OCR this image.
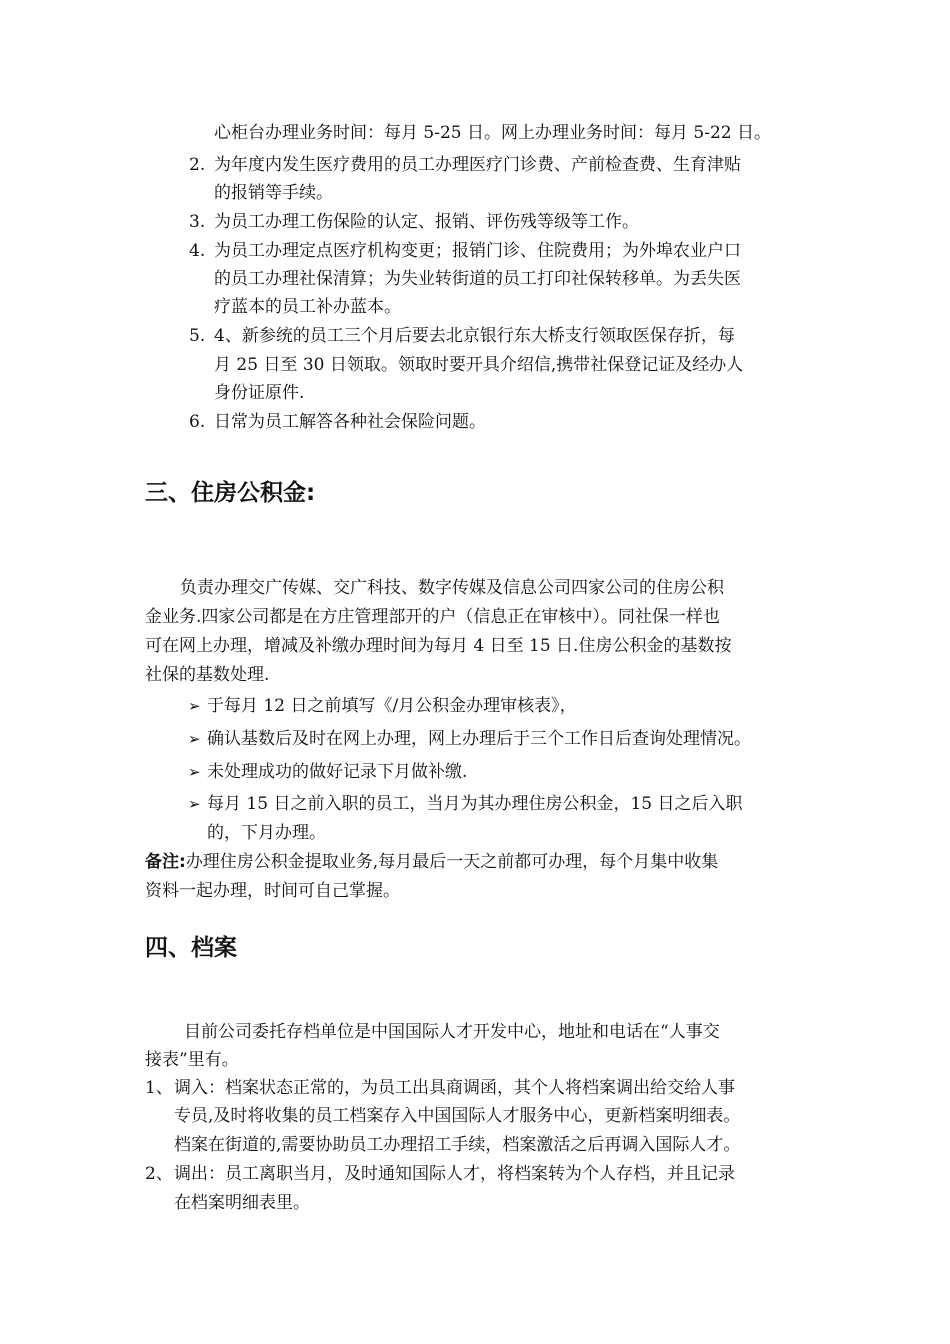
心柜台办理业务时间：每月 5-25 日。网上办理业务时间：每月 5-22 日。
2. 为年度内发生医疗费用的员工办理医疗门诊费、产前检查费、生育津贴
的报销等手续。
3. 为员工办理工伤保险的认定、报销、评伤残等级等工作。
4. 为员工办理定点医疗机构变更；报销门诊、住院费用；为外埠农业户口
的员工办理社保清算；为失业转街道的员工打印社保转移单。为丢失医
疗蓝本的员工补办蓝本。
5. 4、新参统的员工三个月后要去北京银行东大桥支行领取医保存折，每
月 25 日至 30 日领取。领取时要开具介绍信,携带社保登记证及经办人
身份证原件.
6. 日常为员工解答各种社会保险问题。
三、住房公积金:
负责办理交广传媒、交广科技、数字传媒及信息公司四家公司的住房公积
金业务.四家公司都是在方庄管理部开的户（信息正在审核中）。同社保一样也
可在网上办理，增减及补缴办理时间为每月 4 日至 15 日.住房公积金的基数按
社保的基数处理.
➢ 于每月 12 日之前填写《/月公积金办理审核表》，
➢ 确认基数后及时在网上办理，网上办理后于三个工作日后查询处理情况。
➢ 未处理成功的做好记录下月做补缴.
➢ 每月 15 日之前入职的员工，当月为其办理住房公积金，15 日之后入职
的，下月办理。
备注:办理住房公积金提取业务,每月最后一天之前都可办理，每个月集中收集
资料一起办理，时间可自己掌握。
四、档案
目前公司委托存档单位是中国国际人才开发中心，地址和电话在“人事交
接表”里有。
1、 调入：档案状态正常的，为员工出具商调函，其个人将档案调出给交给人事
专员,及时将收集的员工档案存入中国国际人才服务中心，更新档案明细表。
档案在街道的,需要协助员工办理招工手续，档案激活之后再调入国际人才。
2、 调出：员工离职当月，及时通知国际人才，将档案转为个人存档，并且记录
在档案明细表里。
